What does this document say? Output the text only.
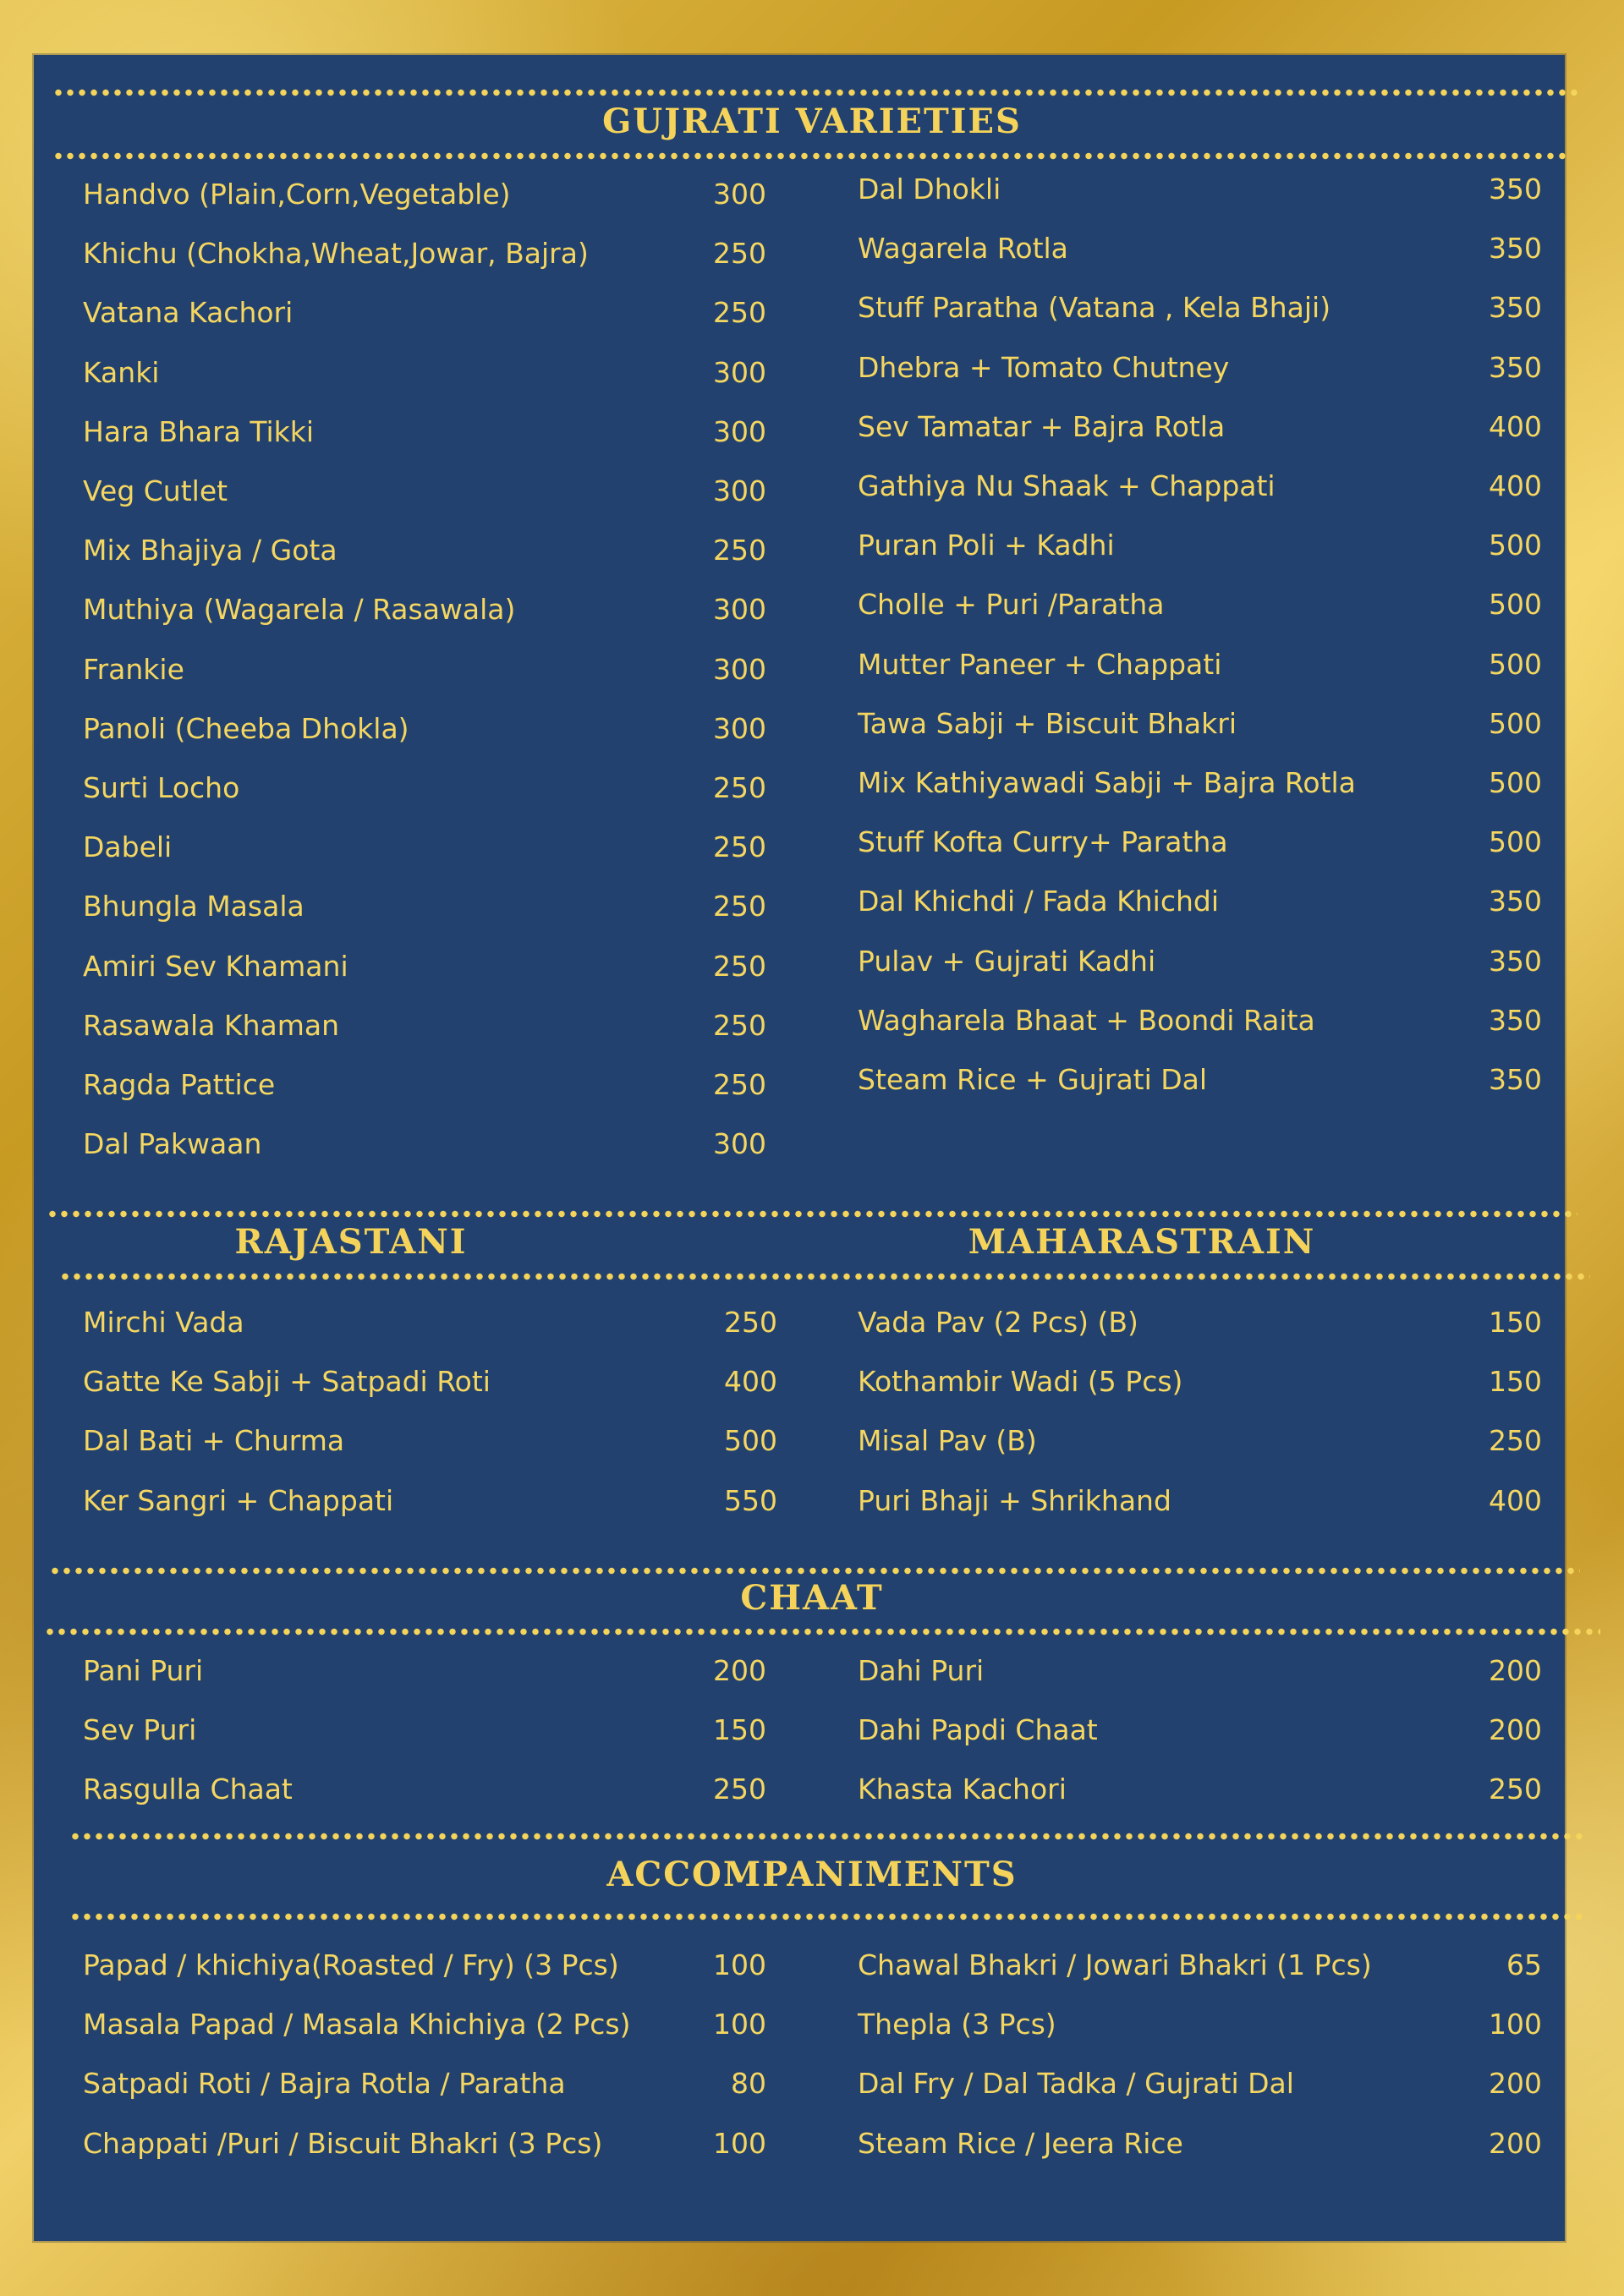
GUJRATI VARIETIES
Handvo (Plain,Corn,Vegetable)	300
Khichu (Chokha,Wheat,Jowar, Bajra)	250
Vatana Kachori	250
Kanki	300
Hara Bhara Tikki	300
Veg Cutlet	300
Mix Bhajiya / Gota	250
Muthiya (Wagarela / Rasawala)	300
Frankie	300
Panoli (Cheeba Dhokla)	300
Surti Locho	250
Dabeli	250
Bhungla Masala	250
Amiri Sev Khamani	250
Rasawala Khaman	250
Ragda Pattice	250
Dal Pakwaan	300
Dal Dhokli	350
Wagarela Rotla	350
Stuff Paratha (Vatana , Kela Bhaji)	350
Dhebra + Tomato Chutney	350
Sev Tamatar + Bajra Rotla	400
Gathiya Nu Shaak + Chappati	400
Puran Poli + Kadhi	500
Cholle + Puri /Paratha	500
Mutter Paneer + Chappati	500
Tawa Sabji + Biscuit Bhakri	500
Mix Kathiyawadi Sabji + Bajra Rotla	500
Stuff Kofta Curry+ Paratha	500
Dal Khichdi / Fada Khichdi	350
Pulav + Gujrati Kadhi	350
Wagharela Bhaat + Boondi Raita	350
Steam Rice + Gujrati Dal	350
RAJASTANI	MAHARASTRAIN
Mirchi Vada	250
Gatte Ke Sabji + Satpadi Roti	400
Dal Bati + Churma	500
Ker Sangri + Chappati	550
Vada Pav (2 Pcs) (B)	150
Kothambir Wadi (5 Pcs)	150
Misal Pav (B)	250
Puri Bhaji + Shrikhand	400
CHAAT
Pani Puri	200
Sev Puri	150
Rasgulla Chaat	250
Dahi Puri	200
Dahi Papdi Chaat	200
Khasta Kachori	250
ACCOMPANIMENTS
Papad / khichiya(Roasted / Fry) (3 Pcs)	100
Masala Papad / Masala Khichiya (2 Pcs)	100
Satpadi Roti / Bajra Rotla / Paratha	80
Chappati /Puri / Biscuit Bhakri (3 Pcs)	100
Chawal Bhakri / Jowari Bhakri (1 Pcs)	65
Thepla (3 Pcs)	100
Dal Fry / Dal Tadka / Gujrati Dal	200
Steam Rice / Jeera Rice	200
